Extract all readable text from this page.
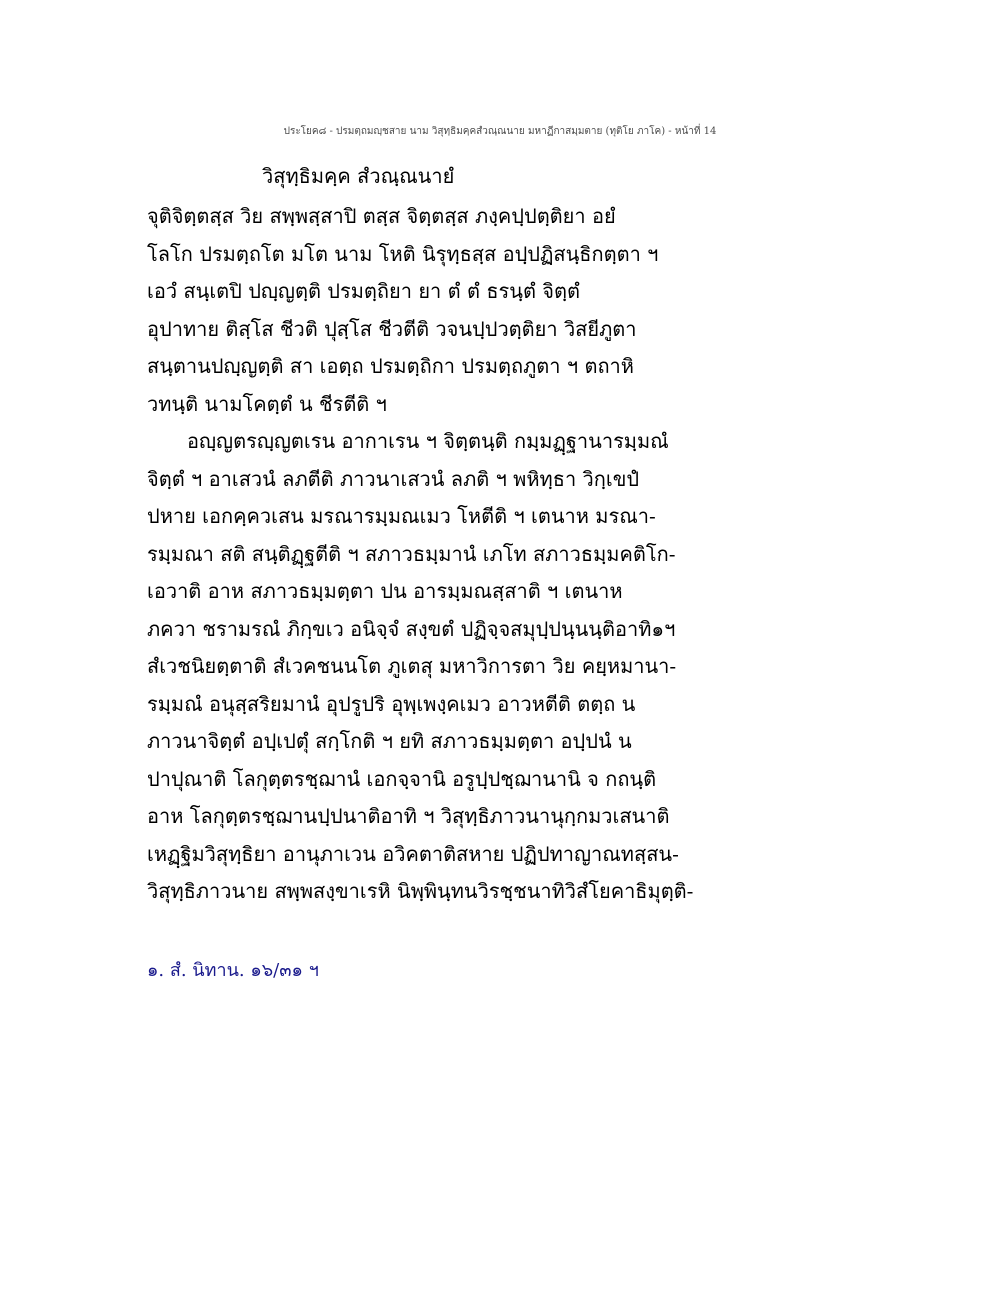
ประโยค๘ - ปรมตฺถมญฺชสาย นาม วิสุทฺธิมคฺคสํวณฺณนาย มหาฏีกาสมฺมตาย (ทุติโย ภาโค) - หน้าที่ 14
วิสุทฺธิมคฺค สํวณฺณนายํ
จุติจิตฺตสฺส วิย สพฺพสฺสาปิ ตสฺส จิตฺตสฺส ภงฺคปฺปตฺติยา อยํ
โลโก ปรมตฺถโต มโต นาม โหติ นิรุทฺธสฺส อปฺปฏิสนฺธิกตฺตา ฯ
เอวํ สนฺเตปิ ปญฺญตฺติ ปรมตฺถิยา ยา ตํ ตํ ธรนฺตํ จิตฺตํ
อุปาทาย ติสฺโส ชีวติ ปุสฺโส ชีวตีติ วจนปฺปวตฺติยา วิสยีภูตา
สนฺตานปญฺญตฺติ สา เอตฺถ ปรมตฺถิกา ปรมตฺถภูตา ฯ ตถาหิ
วทนฺติ นามโคตฺตํ น ชีรตีติ ฯ
อญฺญตรญฺญตเรน อากาเรน ฯ จิตฺตนฺติ กมฺมฏฺฐานารมฺมณํ
จิตฺตํ ฯ อาเสวนํ ลภตีติ ภาวนาเสวนํ ลภติ ฯ พหิทฺธา วิกฺเขปํ
ปหาย เอกคฺควเสน มรณารมฺมณเมว โหตีติ ฯ เตนาห มรณา-
รมฺมณา สติ สนฺติฏฺฐตีติ ฯ สภาวธมฺมานํ เภโท สภาวธมฺมคติโก-
เอวาติ อาห สภาวธมฺมตฺตา ปน อารมฺมณสฺสาติ ฯ เตนาห
ภควา ชรามรณํ ภิกฺขเว อนิจฺจํ สงฺขตํ ปฏิจฺจสมุปฺปนฺนนฺติอาทิ๑ฯ
สํเวชนิยตฺตาติ สํเวคชนนโต ภูเตสุ มหาวิการตา วิย คยฺหมานา-
รมฺมณํ อนุสฺสริยมานํ อุปรูปริ อุพฺเพงฺคเมว อาวหตีติ ตตฺถ น
ภาวนาจิตฺตํ อปฺเปตุํ สกฺโกติ ฯ ยทิ สภาวธมฺมตฺตา อปฺปนํ น
ปาปุณาติ โลกุตฺตรชฺฌานํ เอกจฺจานิ อรูปฺปชฺฌานานิ จ กถนฺติ
อาห โลกุตฺตรชฺฌานปฺปนาติอาทิ ฯ วิสุทฺธิภาวนานุกฺกมวเสนาติ
เหฏฺฐิมวิสุทฺธิยา อานุภาเวน อวิคตาติสหาย ปฏิปทาญาณทสฺสน-
วิสุทฺธิภาวนาย สพฺพสงฺขาเรหิ นิพฺพินฺทนวิรชฺชนาทิวิสํโยคาธิมุตฺติ-
๑. สํ. นิทาน. ๑๖/๓๑ ฯ
